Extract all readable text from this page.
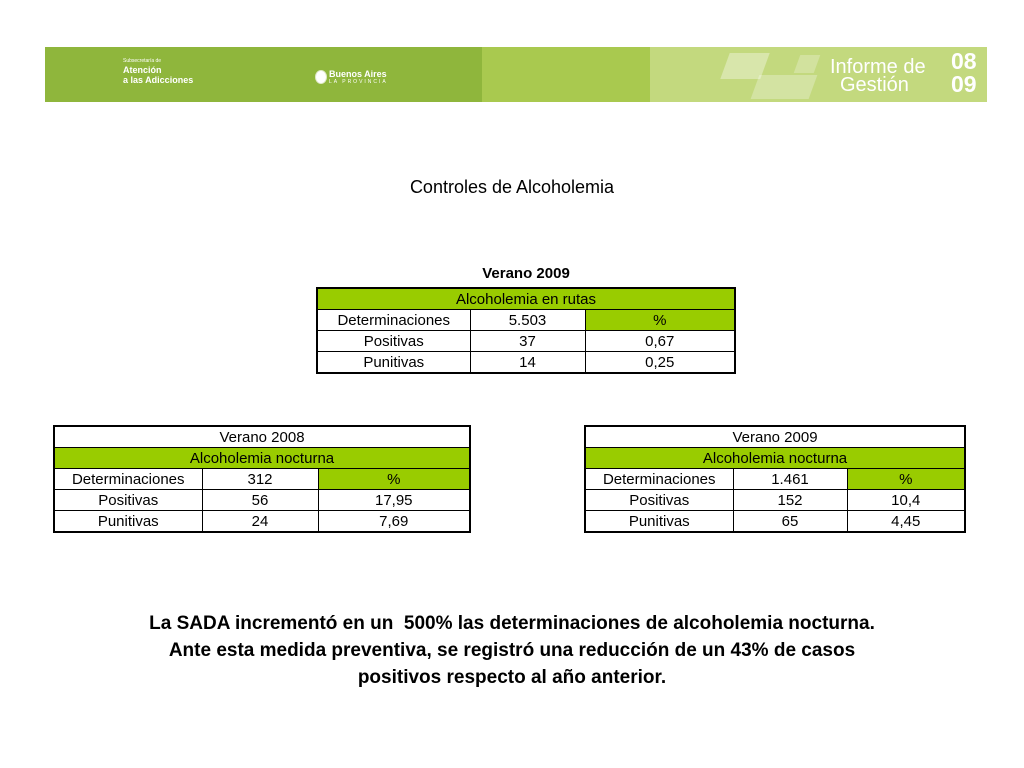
Subsecretaría de
Atención
a las Adicciones
Buenos Aires
LA PROVINCIA
Informe de
Gestión
08
09
Controles de Alcoholemia
Verano 2009
Alcoholemia en rutas		
Determinaciones	5.503	%
Positivas	37	0,67
Punitivas	14	0,25
Verano 2008		
Alcoholemia nocturna		
Determinaciones	312	%
Positivas	56	17,95
Punitivas	24	7,69
Verano 2009		
Alcoholemia nocturna		
Determinaciones	1.461	%
Positivas	152	10,4
Punitivas	65	4,45
La SADA incrementó en un  500% las determinaciones de alcoholemia nocturna.
Ante esta medida preventiva, se registró una reducción de un 43% de casos
positivos respecto al año anterior.
